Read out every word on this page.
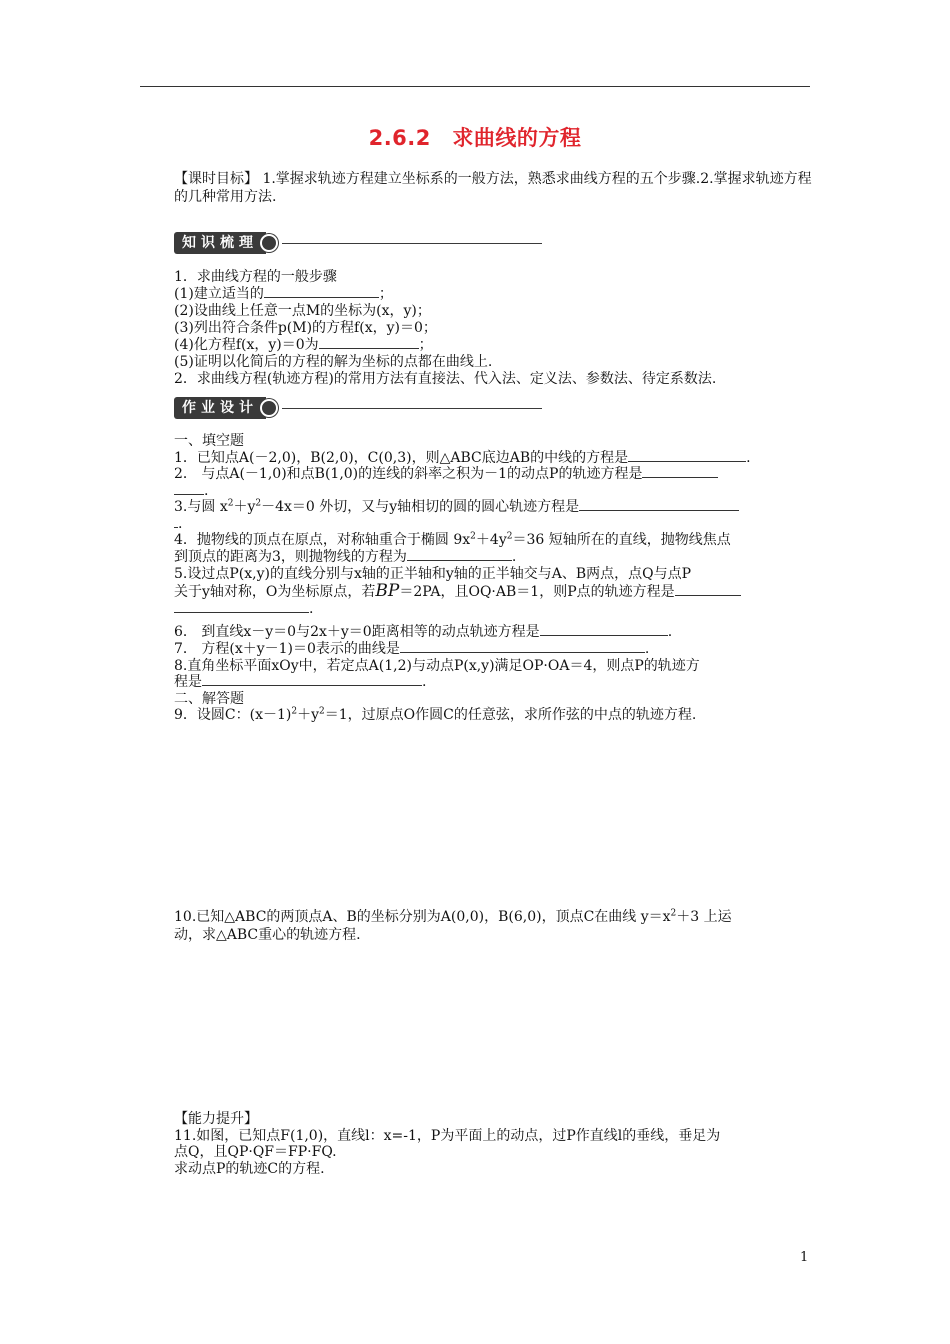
2.6.2　求曲线的方程
【课时目标】 1.掌握求轨迹方程建立坐标系的一般方法，熟悉求曲线方程的五个步骤.2.掌握求轨迹方程的几种常用方法.
知识梳理
1．求曲线方程的一般步骤
(1)建立适当的	；
(2)设曲线上任意一点M的坐标为(x，y)；
(3)列出符合条件p(M)的方程f(x，y)＝0；
(4)化方程f(x，y)＝0为	；
(5)证明以化简后的方程的解为坐标的点都在曲线上.
2．求曲线方程(轨迹方程)的常用方法有直接法、代入法、定义法、参数法、待定系数法.
作业设计
一、填空题
1．已知点A(－2,0)，B(2,0)，C(0,3)，则△ABC底边AB的中线的方程是	.
2． 与点A(－1,0)和点B(1,0)的连线的斜率之积为－1的动点P的轨迹方程是
.
3.与圆 $x^2+y^2-4x=0$ 外切，又与y轴相切的圆的圆心轨迹方程是
.
4．抛物线的顶点在原点，对称轴重合于椭圆 $9x^2+4y^2=36$ 短轴所在的直线，抛物线焦点
到顶点的距离为3，则抛物线的方程为	.
5.设过点P(x,y)的直线分别与x轴的正半轴和y轴的正半轴交与A、B两点，点Q与点P
关于y轴对称，O为坐标原点，若BP＝2PA，且OQ·AB＝1，则P点的轨迹方程是
.
6． 到直线x－y＝0与2x＋y＝0距离相等的动点轨迹方程是	.
7． 方程(x＋y－1)＝0表示的曲线是	.
8.直角坐标平面xOy中，若定点A(1,2)与动点P(x,y)满足OP·OA＝4，则点P的轨迹方
程是	.
二、解答题
9．设圆C：$(x-1)^2+y^2=1$，过原点O作圆C的任意弦，求所作弦的中点的轨迹方程.
10.已知△ABC的两顶点A、B的坐标分别为A(0,0)，B(6,0)，顶点C在曲线 $y=x^2+3$ 上运
动，求△ABC重心的轨迹方程.
【能力提升】
11.如图，已知点F(1,0)，直线l：x=-1，P为平面上的动点，过P作直线l的垂线，垂足为
点Q，且QP·QF＝FP·FQ.
求动点P的轨迹C的方程.
1
